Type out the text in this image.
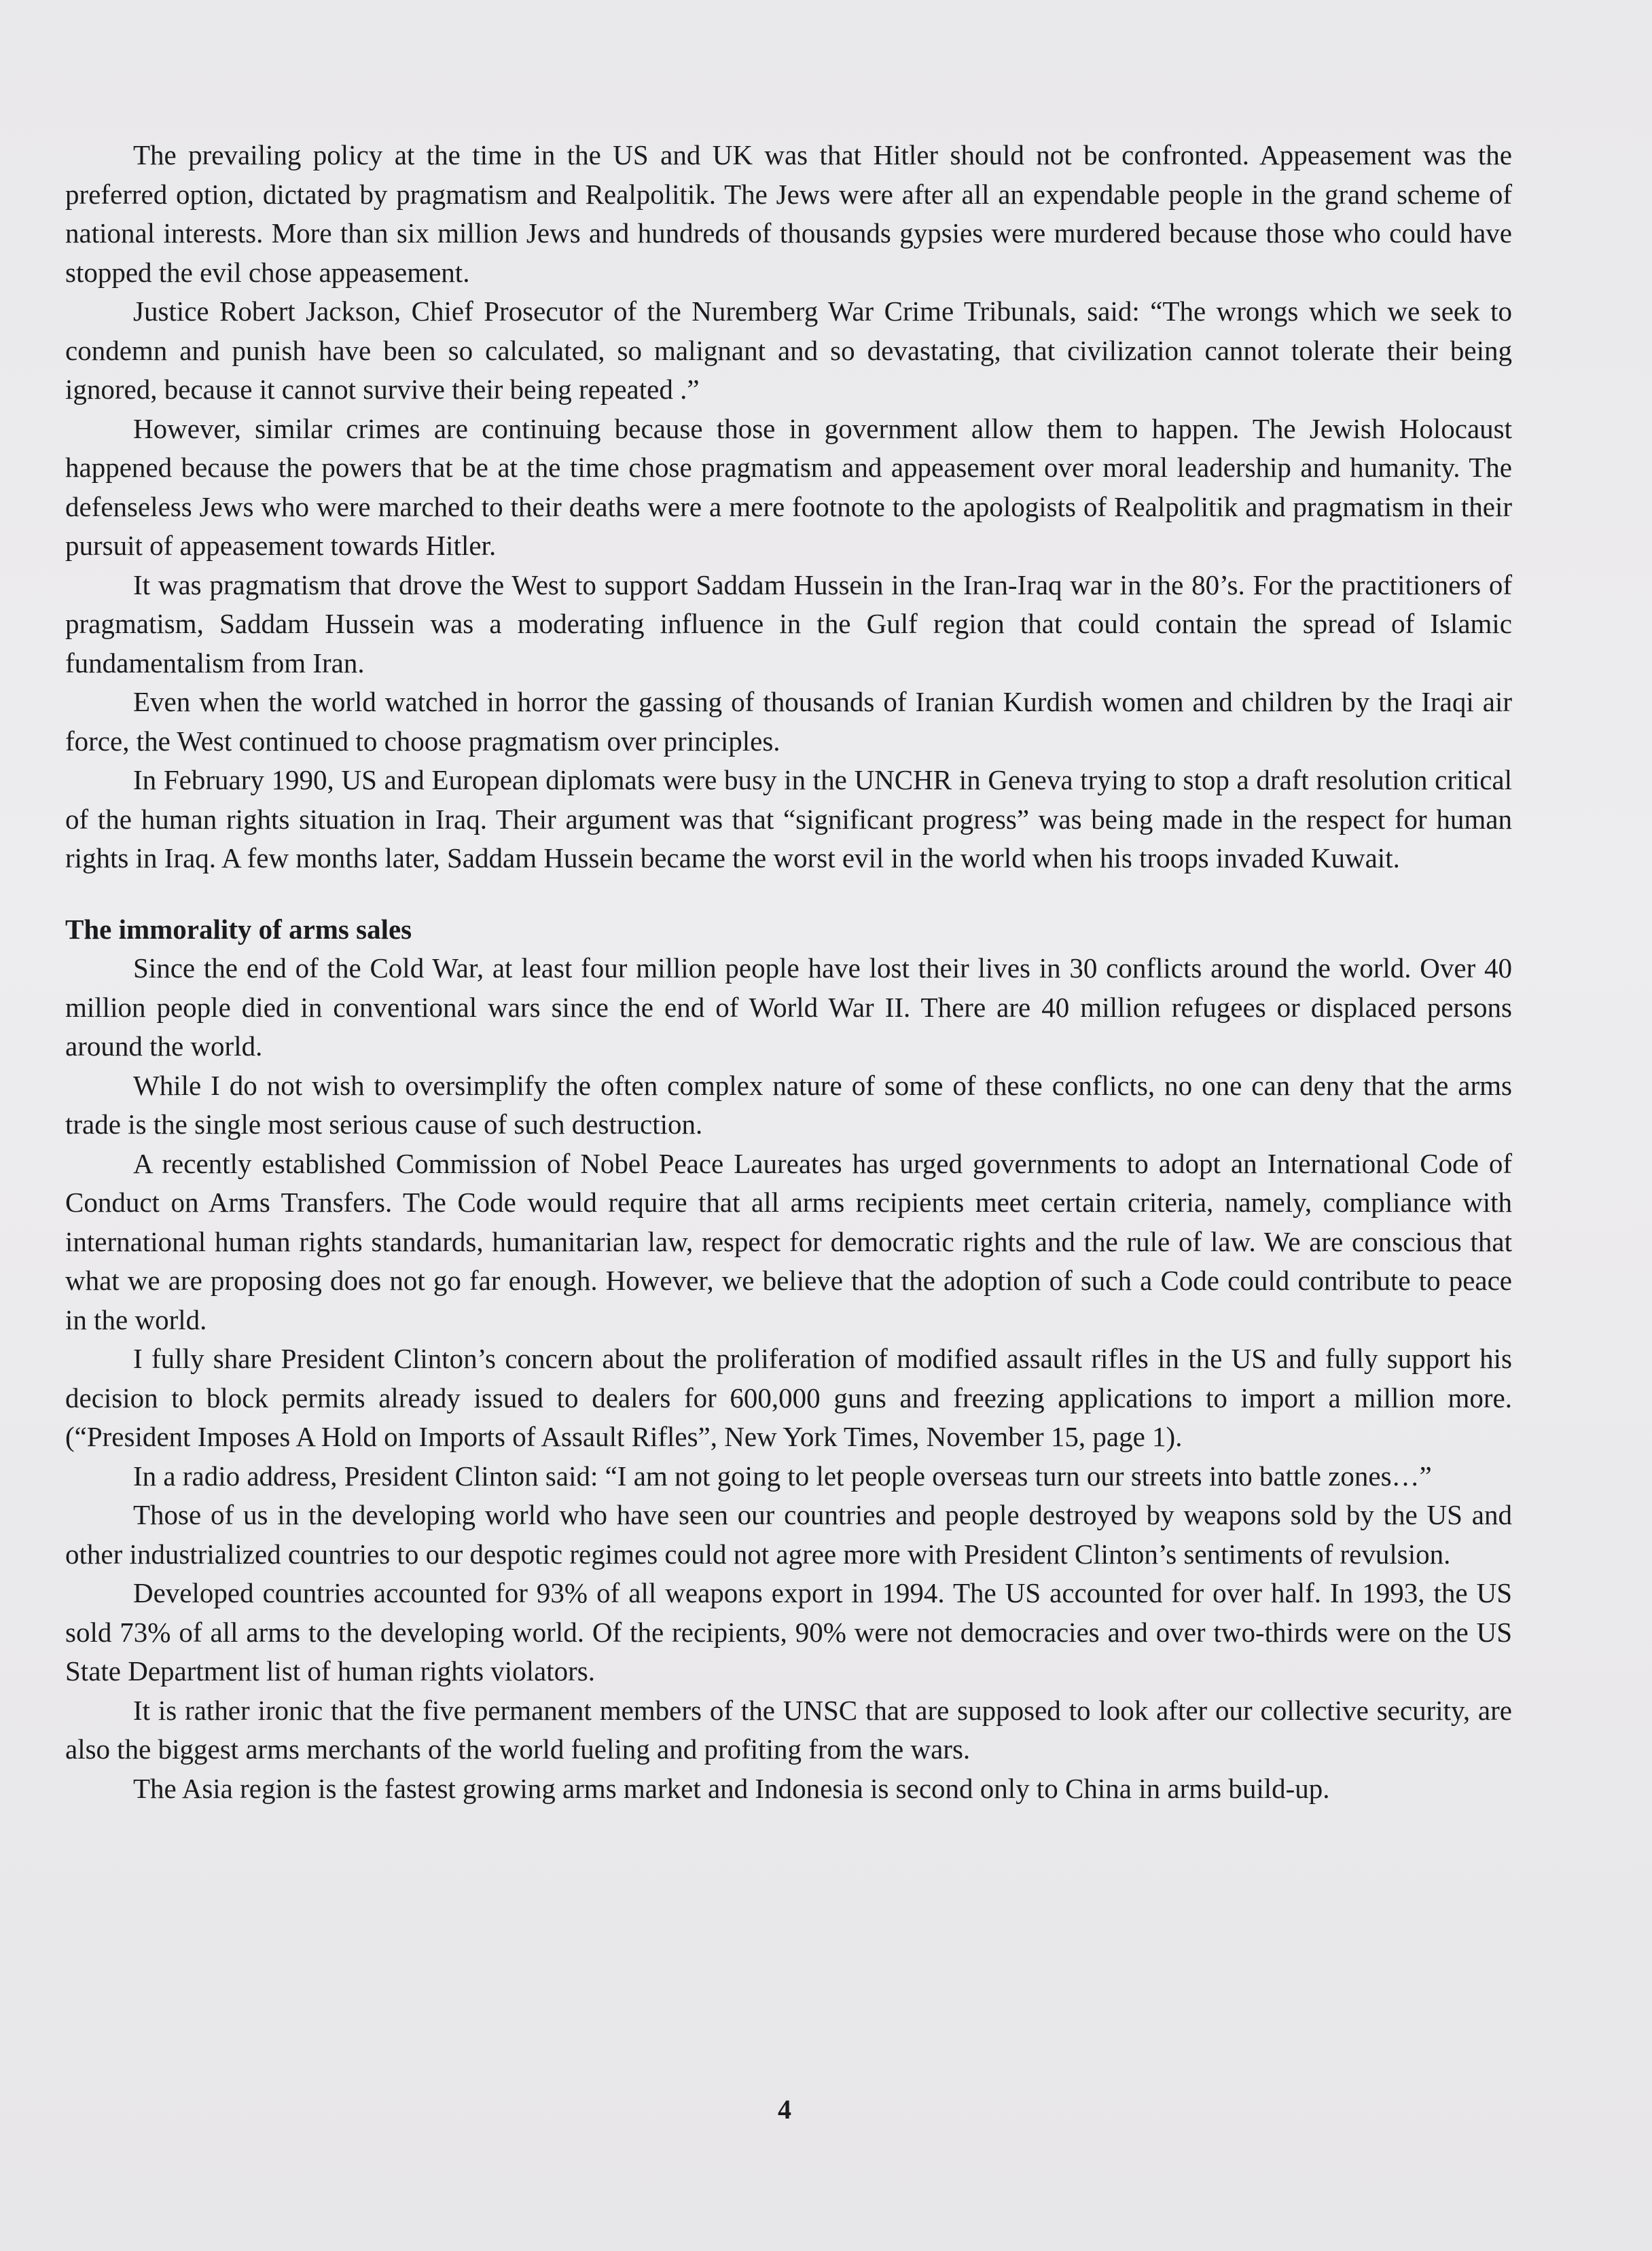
The prevailing policy at the time in the US and UK was that Hitler should not be confronted. Appeasement was the preferred option, dictated by pragmatism and Realpolitik. The Jews were after all an expendable people in the grand scheme of national interests. More than six million Jews and hundreds of thousands gypsies were murdered because those who could have stopped the evil chose appeasement.

Justice Robert Jackson, Chief Prosecutor of the Nuremberg War Crime Tribunals, said: “The wrongs which we seek to condemn and punish have been so calculated, so malignant and so devastating, that civilization cannot tolerate their being ignored, because it cannot survive their being repeated .”

However, similar crimes are continuing because those in government allow them to happen. The Jewish Holocaust happened because the powers that be at the time chose pragmatism and appeasement over moral leadership and humanity. The defenseless Jews who were marched to their deaths were a mere footnote to the apologists of Realpolitik and pragmatism in their pursuit of appeasement towards Hitler.

It was pragmatism that drove the West to support Saddam Hussein in the Iran-Iraq war in the 80’s. For the practitioners of pragmatism, Saddam Hussein was a moderating influence in the Gulf region that could contain the spread of Islamic fundamentalism from Iran.

Even when the world watched in horror the gassing of thousands of Iranian Kurdish women and children by the Iraqi air force, the West continued to choose pragmatism over principles.

In February 1990, US and European diplomats were busy in the UNCHR in Geneva trying to stop a draft resolution critical of the human rights situation in Iraq. Their argument was that “significant progress” was being made in the respect for human rights in Iraq. A few months later, Saddam Hussein became the worst evil in the world when his troops invaded Kuwait.

The immorality of arms sales

Since the end of the Cold War, at least four million people have lost their lives in 30 conflicts around the world. Over 40 million people died in conventional wars since the end of World War II. There are 40 million refugees or displaced persons around the world.

While I do not wish to oversimplify the often complex nature of some of these conflicts, no one can deny that the arms trade is the single most serious cause of such destruction.

A recently established Commission of Nobel Peace Laureates has urged governments to adopt an International Code of Conduct on Arms Transfers. The Code would require that all arms recipients meet certain criteria, namely, compliance with international human rights standards, humanitarian law, respect for democratic rights and the rule of law. We are conscious that what we are proposing does not go far enough. However, we believe that the adoption of such a Code could contribute to peace in the world.

I fully share President Clinton’s concern about the proliferation of modified assault rifles in the US and fully support his decision to block permits already issued to dealers for 600,000 guns and freezing applications to import a million more. (“President Imposes A Hold on Imports of Assault Rifles”, New York Times, November 15, page 1).

In a radio address, President Clinton said: “I am not going to let people overseas turn our streets into battle zones…”

Those of us in the developing world who have seen our countries and people destroyed by weapons sold by the US and other industrialized countries to our despotic regimes could not agree more with President Clinton’s sentiments of revulsion.

Developed countries accounted for 93% of all weapons export in 1994. The US accounted for over half. In 1993, the US sold 73% of all arms to the developing world. Of the recipients, 90% were not democracies and over two-thirds were on the US State Department list of human rights violators.

It is rather ironic that the five permanent members of the UNSC that are supposed to look after our collective security, are also the biggest arms merchants of the world fueling and profiting from the wars.

The Asia region is the fastest growing arms market and Indonesia is second only to China in arms build-up.

4
